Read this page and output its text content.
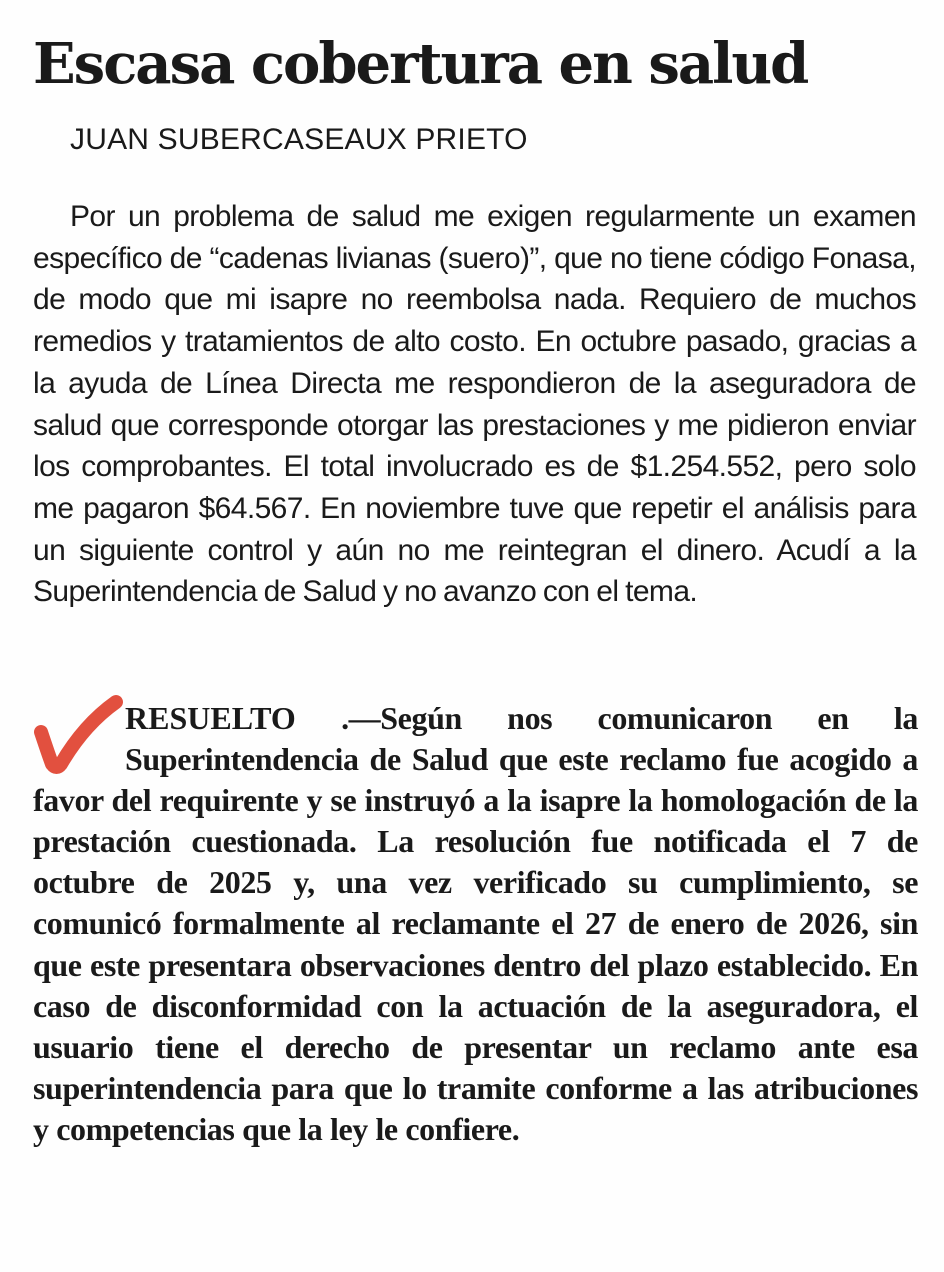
Escasa cobertura en salud
JUAN SUBERCASEAUX PRIETO

Por un problema de salud me exigen regularmente un examen específico de “cadenas livianas (suero)”, que no tiene código Fonasa, de modo que mi isapre no reembolsa nada. Requiero de muchos remedios y tratamientos de alto costo. En octubre pasado, gracias a la ayuda de Línea Directa me respondieron de la aseguradora de salud que corresponde otorgar las prestaciones y me pidieron enviar los comprobantes. El total involucrado es de $1.254.552, pero solo me pagaron $64.567. En noviembre tuve que repetir el análisis para un siguiente control y aún no me reintegran el dinero. Acudí a la Superintendencia de Salud y no avanzo con el tema.

RESUELTO .—Según nos comunicaron en la Superintendencia de Salud que este reclamo fue acogido a favor del requirente y se instruyó a la isapre la homologación de la prestación cuestionada. La resolución fue notificada el 7 de octubre de 2025 y, una vez verificado su cumplimiento, se comunicó formalmente al reclamante el 27 de enero de 2026, sin que este presentara observaciones dentro del plazo establecido. En caso de disconformidad con la actuación de la aseguradora, el usuario tiene el derecho de presentar un reclamo ante esa superintendencia para que lo tramite conforme a las atribuciones y competencias que la ley le confiere.
